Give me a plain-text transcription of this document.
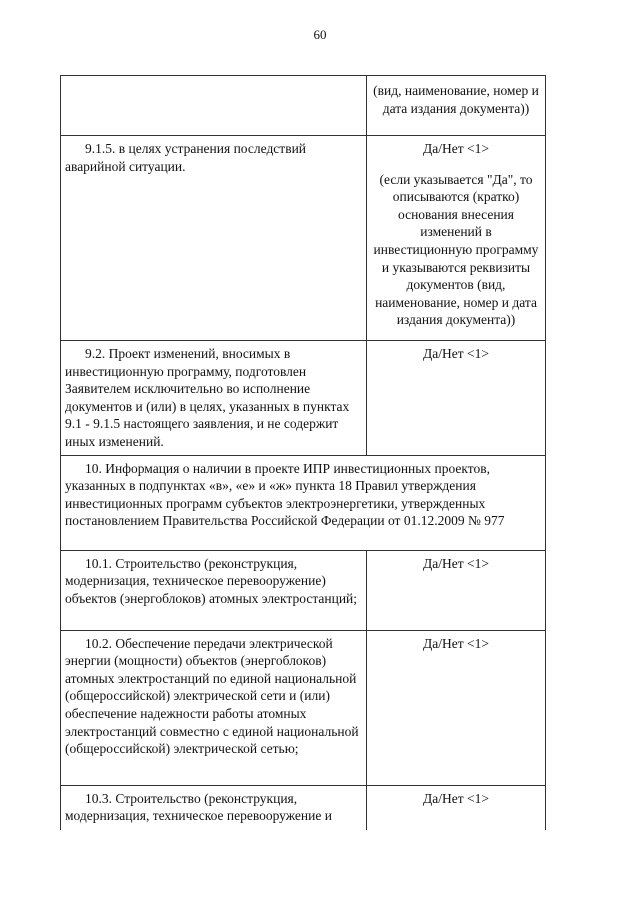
60

	(вид, наименование, номер и дата издания документа))

9.1.5. в целях устранения последствий аварийной ситуации.	Да/Нет <1>

(если указывается "Да", то описываются (кратко) основания внесения изменений в инвестиционную программу и указываются реквизиты документов (вид, наименование, номер и дата издания документа))

9.2. Проект изменений, вносимых в инвестиционную программу, подготовлен Заявителем исключительно во исполнение документов и (или) в целях, указанных в пунктах 9.1 - 9.1.5 настоящего заявления, и не содержит иных изменений.	Да/Нет <1>

10. Информация о наличии в проекте ИПР инвестиционных проектов, указанных в подпунктах «в», «е» и «ж» пункта 18 Правил утверждения инвестиционных программ субъектов электроэнергетики, утвержденных постановлением Правительства Российской Федерации от 01.12.2009 № 977	

10.1. Строительство (реконструкция, модернизация, техническое перевооружение) объектов (энергоблоков) атомных электростанций;	Да/Нет <1>

10.2. Обеспечение передачи электрической энергии (мощности) объектов (энергоблоков) атомных электростанций по единой национальной (общероссийской) электрической сети и (или) обеспечение надежности работы атомных электростанций совместно с единой национальной (общероссийской) электрической сетью;	Да/Нет <1>

10.3. Строительство (реконструкция, модернизация, техническое перевооружение и	Да/Нет <1>
